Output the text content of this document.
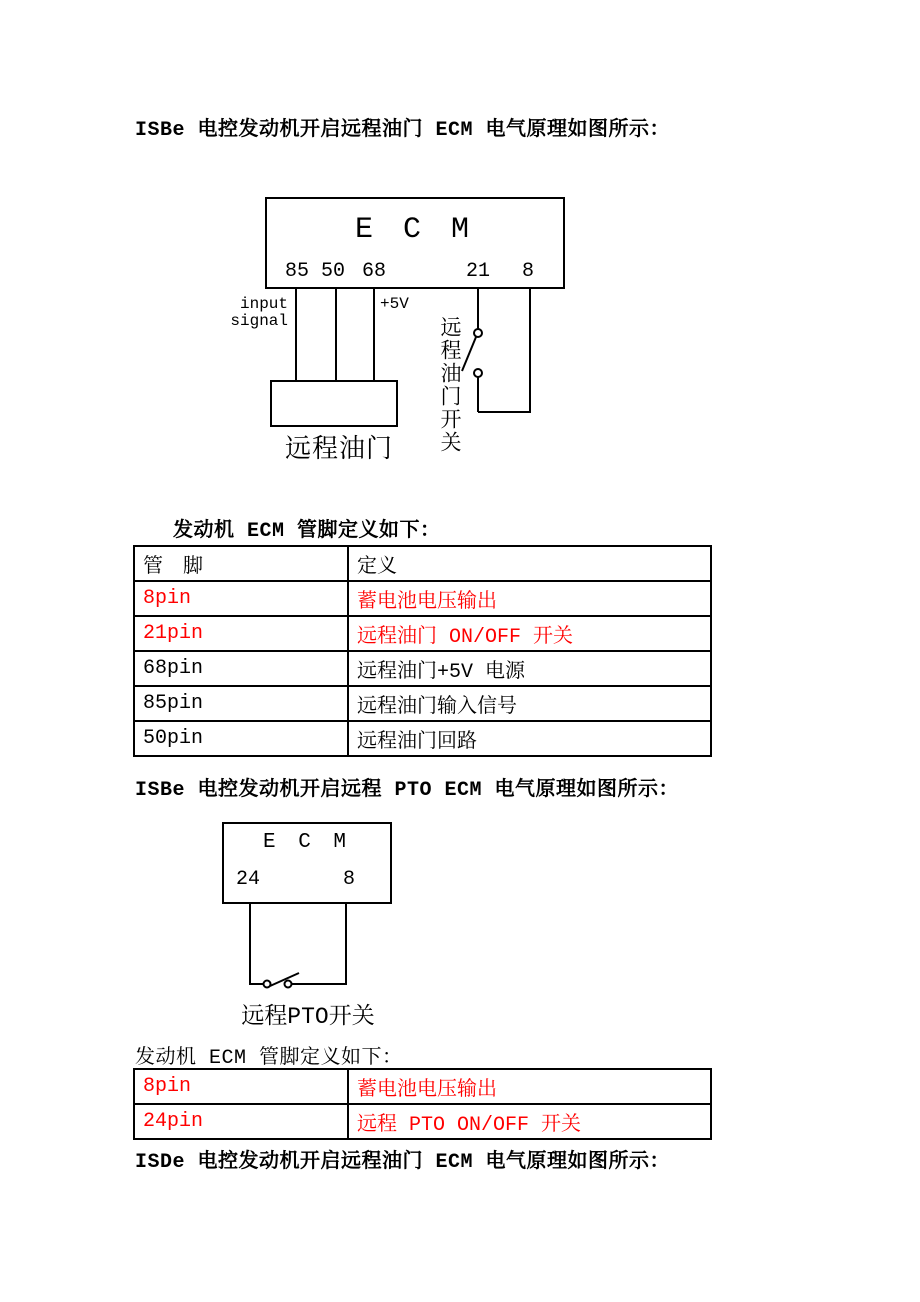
ISBe 电控发动机开启远程油门 ECM 电气原理如图所示：
E C M
85 50 68	21 8
input
signal
+5V
远程油门	远程油门开关
发动机 ECM 管脚定义如下：
管　脚	定义
8pin	蓄电池电压输出
21pin	远程油门 ON/OFF 开关
68pin	远程油门+5V 电源
85pin	远程油门输入信号
50pin	远程油门回路
ISBe 电控发动机开启远程 PTO ECM 电气原理如图所示：
E C M
24	8
远程PTO开关
发动机 ECM 管脚定义如下：
8pin	蓄电池电压输出
24pin	远程 PTO ON/OFF 开关
ISDe 电控发动机开启远程油门 ECM 电气原理如图所示：
